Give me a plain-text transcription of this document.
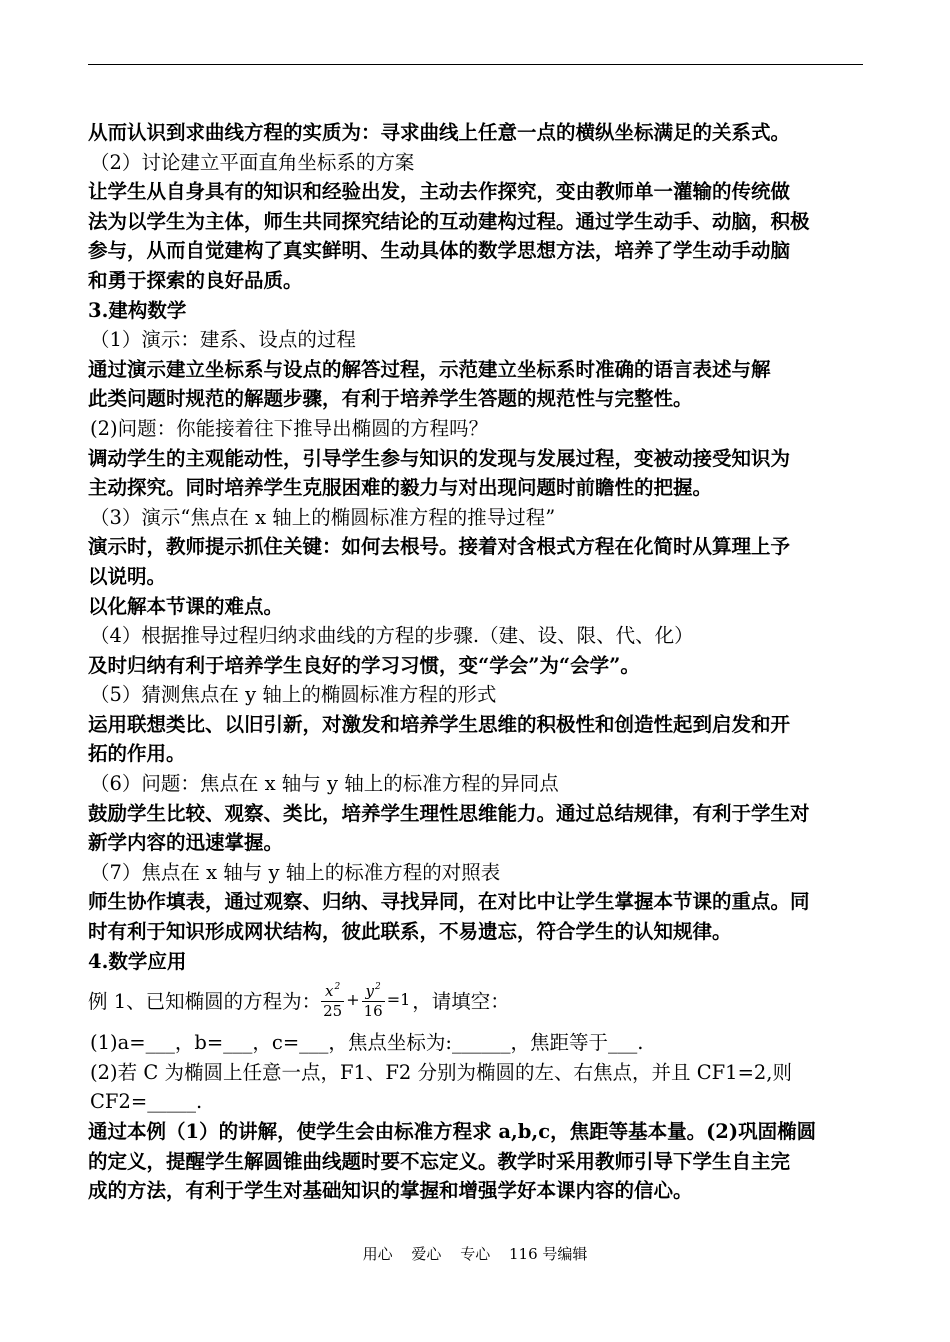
从而认识到求曲线方程的实质为：寻求曲线上任意一点的横纵坐标满足的关系式。
（2）讨论建立平面直角坐标系的方案
让学生从自身具有的知识和经验出发，主动去作探究，变由教师单一灌输的传统做
法为以学生为主体，师生共同探究结论的互动建构过程。通过学生动手、动脑，积极
参与，从而自觉建构了真实鲜明、生动具体的数学思想方法，培养了学生动手动脑
和勇于探索的良好品质。
3.建构数学
（1）演示：建系、设点的过程
通过演示建立坐标系与设点的解答过程，示范建立坐标系时准确的语言表述与解
此类问题时规范的解题步骤，有利于培养学生答题的规范性与完整性。
(2)问题：你能接着往下推导出椭圆的方程吗？
调动学生的主观能动性，引导学生参与知识的发现与发展过程，变被动接受知识为
主动探究。同时培养学生克服困难的毅力与对出现问题时前瞻性的把握。
（3）演示“焦点在 x 轴上的椭圆标准方程的推导过程”
演示时，教师提示抓住关键：如何去根号。接着对含根式方程在化简时从算理上予
以说明。
以化解本节课的难点。
（4）根据推导过程归纳求曲线的方程的步骤.（建、设、限、代、化）
及时归纳有利于培养学生良好的学习习惯，变“学会”为“会学”。
（5）猜测焦点在 y 轴上的椭圆标准方程的形式
运用联想类比、以旧引新，对激发和培养学生思维的积极性和创造性起到启发和开
拓的作用。
（6）问题：焦点在 x 轴与 y 轴上的标准方程的异同点
鼓励学生比较、观察、类比，培养学生理性思维能力。通过总结规律，有利于学生对
新学内容的迅速掌握。
（7）焦点在 x 轴与 y 轴上的标准方程的对照表
师生协作填表，通过观察、归纳、寻找异同，在对比中让学生掌握本节课的重点。同
时有利于知识形成网状结构，彼此联系，不易遗忘，符合学生的认知规律。
4.数学应用
例 1、已知椭圆的方程为： $\frac{x^2}{25} + \frac{y^2}{16} =1$ ，请填空：
(1)a=___，b=___，c=___，焦点坐标为:______，焦距等于___.
(2)若 C 为椭圆上任意一点，F1、F2 分别为椭圆的左、右焦点，并且 CF1=2,则
CF2=_____.
通过本例（1）的讲解，使学生会由标准方程求 a,b,c，焦距等基本量。(2)巩固椭圆
的定义，提醒学生解圆锥曲线题时要不忘定义。教学时采用教师引导下学生自主完
成的方法，有利于学生对基础知识的掌握和增强学好本课内容的信心。
用心 爱心 专心 116 号编辑
